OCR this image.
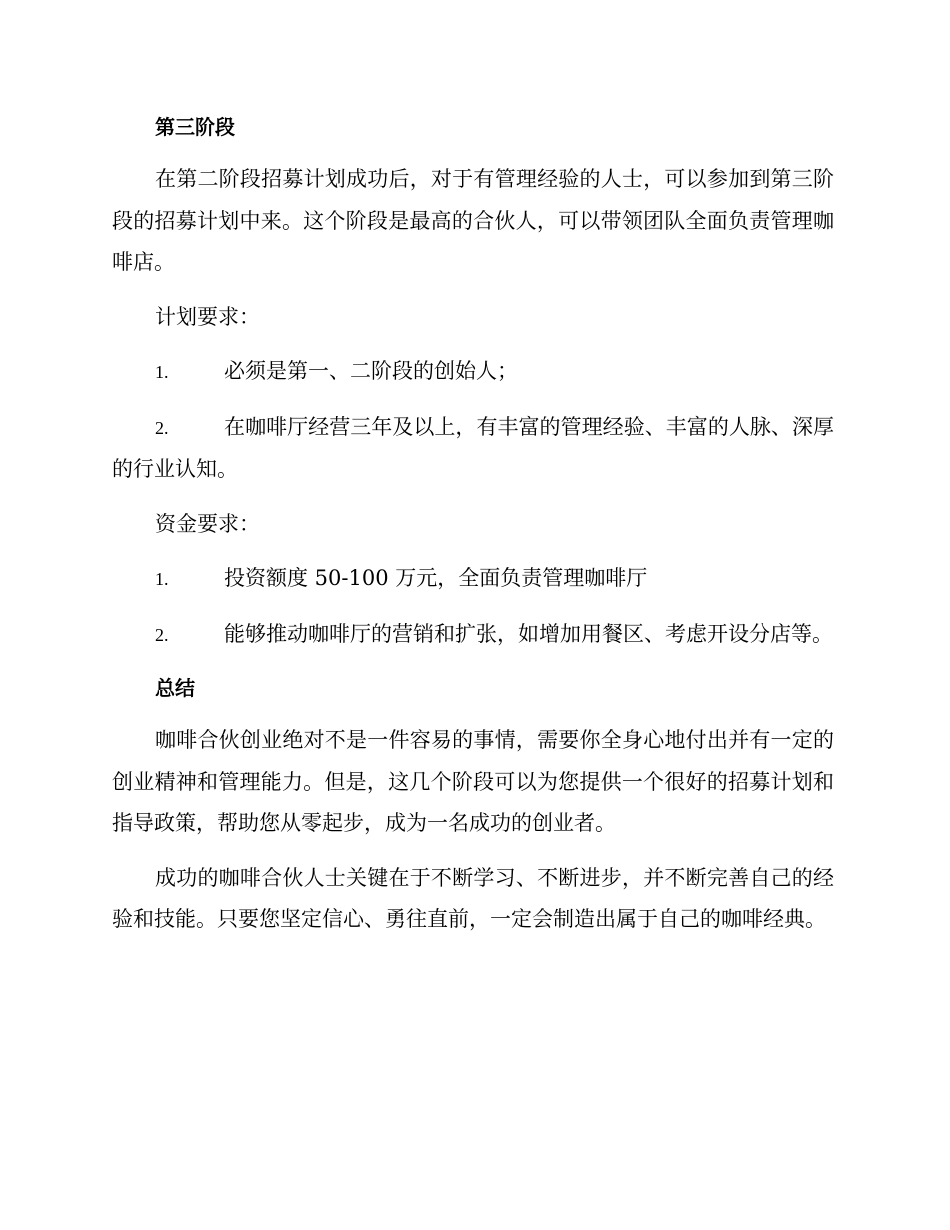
第三阶段
在第二阶段招募计划成功后，对于有管理经验的人士，可以参加到第三阶段的招募计划中来。这个阶段是最高的合伙人，可以带领团队全面负责管理咖啡店。
计划要求：
1.	必须是第一、二阶段的创始人；
2.	在咖啡厅经营三年及以上，有丰富的管理经验、丰富的人脉、深厚的行业认知。
资金要求：
1.	投资额度 50-100 万元，全面负责管理咖啡厅
2.	能够推动咖啡厅的营销和扩张，如增加用餐区、考虑开设分店等。
总结
咖啡合伙创业绝对不是一件容易的事情，需要你全身心地付出并有一定的创业精神和管理能力。但是，这几个阶段可以为您提供一个很好的招募计划和指导政策，帮助您从零起步，成为一名成功的创业者。
成功的咖啡合伙人士关键在于不断学习、不断进步，并不断完善自己的经验和技能。只要您坚定信心、勇往直前，一定会制造出属于自己的咖啡经典。
